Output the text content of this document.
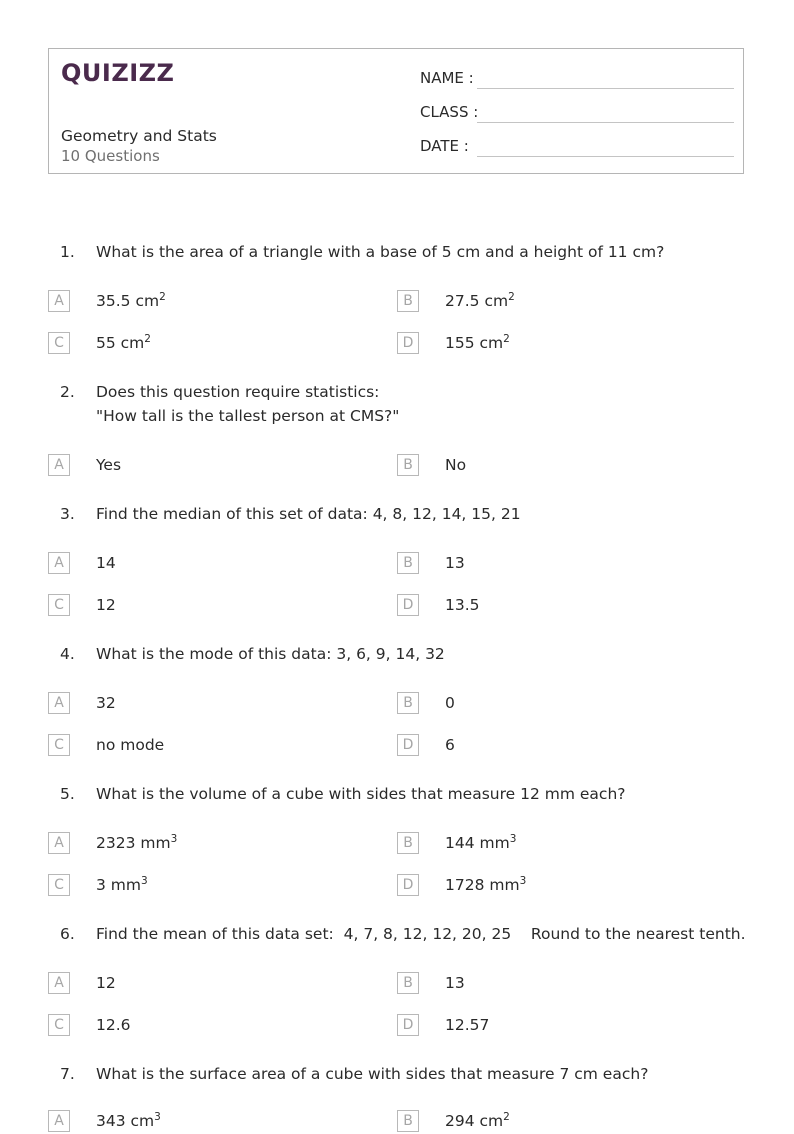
QUIZIZZ
Geometry and Stats
10 Questions
NAME :
CLASS :
DATE :
1. What is the area of a triangle with a base of 5 cm and a height of 11 cm?
A	35.5 $cm^2$	B	27.5 $cm^2$
C	55 $cm^2$	D	155 $cm^2$
2. Does this question require statistics:
"How tall is the tallest person at CMS?"
A	Yes	B	No
3. Find the median of this set of data: 4, 8, 12, 14, 15, 21
A	14	B	13
C	12	D	13.5
4. What is the mode of this data: 3, 6, 9, 14, 32
A	32	B	0
C	no mode	D	6
5. What is the volume of a cube with sides that measure 12 mm each?
A	2323 $mm^3$	B	144 $mm^3$
C	3 $mm^3$	D	1728 $mm^3$
6. Find the mean of this data set:  4, 7, 8, 12, 12, 20, 25    Round to the nearest tenth.
A	12	B	13
C	12.6	D	12.57
7. What is the surface area of a cube with sides that measure 7 cm each?
A	343 $cm^3$	B	294 $cm^2$
